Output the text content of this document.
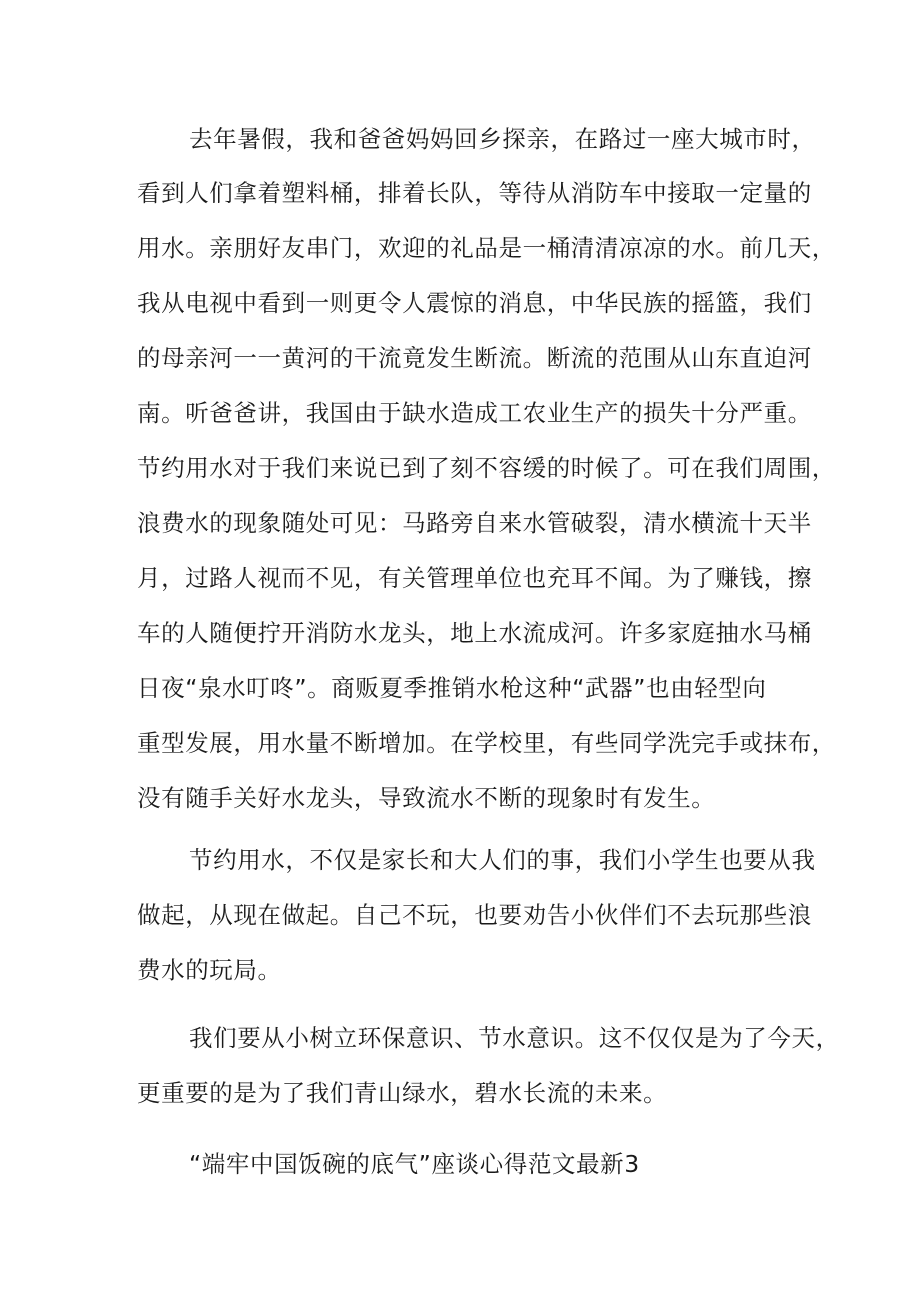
去年暑假，我和爸爸妈妈回乡探亲，在路过一座大城市时，
看到人们拿着塑料桶，排着长队，等待从消防车中接取一定量的
用水。亲朋好友串门，欢迎的礼品是一桶清清凉凉的水。前几天，
我从电视中看到一则更令人震惊的消息，中华民族的摇篮，我们
的母亲河一一黄河的干流竟发生断流。断流的范围从山东直迫河
南。听爸爸讲，我国由于缺水造成工农业生产的损失十分严重。
节约用水对于我们来说已到了刻不容缓的时候了。可在我们周围，
浪费水的现象随处可见：马路旁自来水管破裂，清水横流十天半
月，过路人视而不见，有关管理单位也充耳不闻。为了赚钱，擦
车的人随便拧开消防水龙头，地上水流成河。许多家庭抽水马桶
日夜“泉水叮咚”。商贩夏季推销水枪这种“武器”也由轻型向
重型发展，用水量不断增加。在学校里，有些同学洗完手或抹布，
没有随手关好水龙头，导致流水不断的现象时有发生。
节约用水，不仅是家长和大人们的事，我们小学生也要从我
做起，从现在做起。自己不玩，也要劝告小伙伴们不去玩那些浪
费水的玩局。
我们要从小树立环保意识、节水意识。这不仅仅是为了今天，
更重要的是为了我们青山绿水，碧水长流的未来。
“端牢中国饭碗的底气”座谈心得范文最新3
